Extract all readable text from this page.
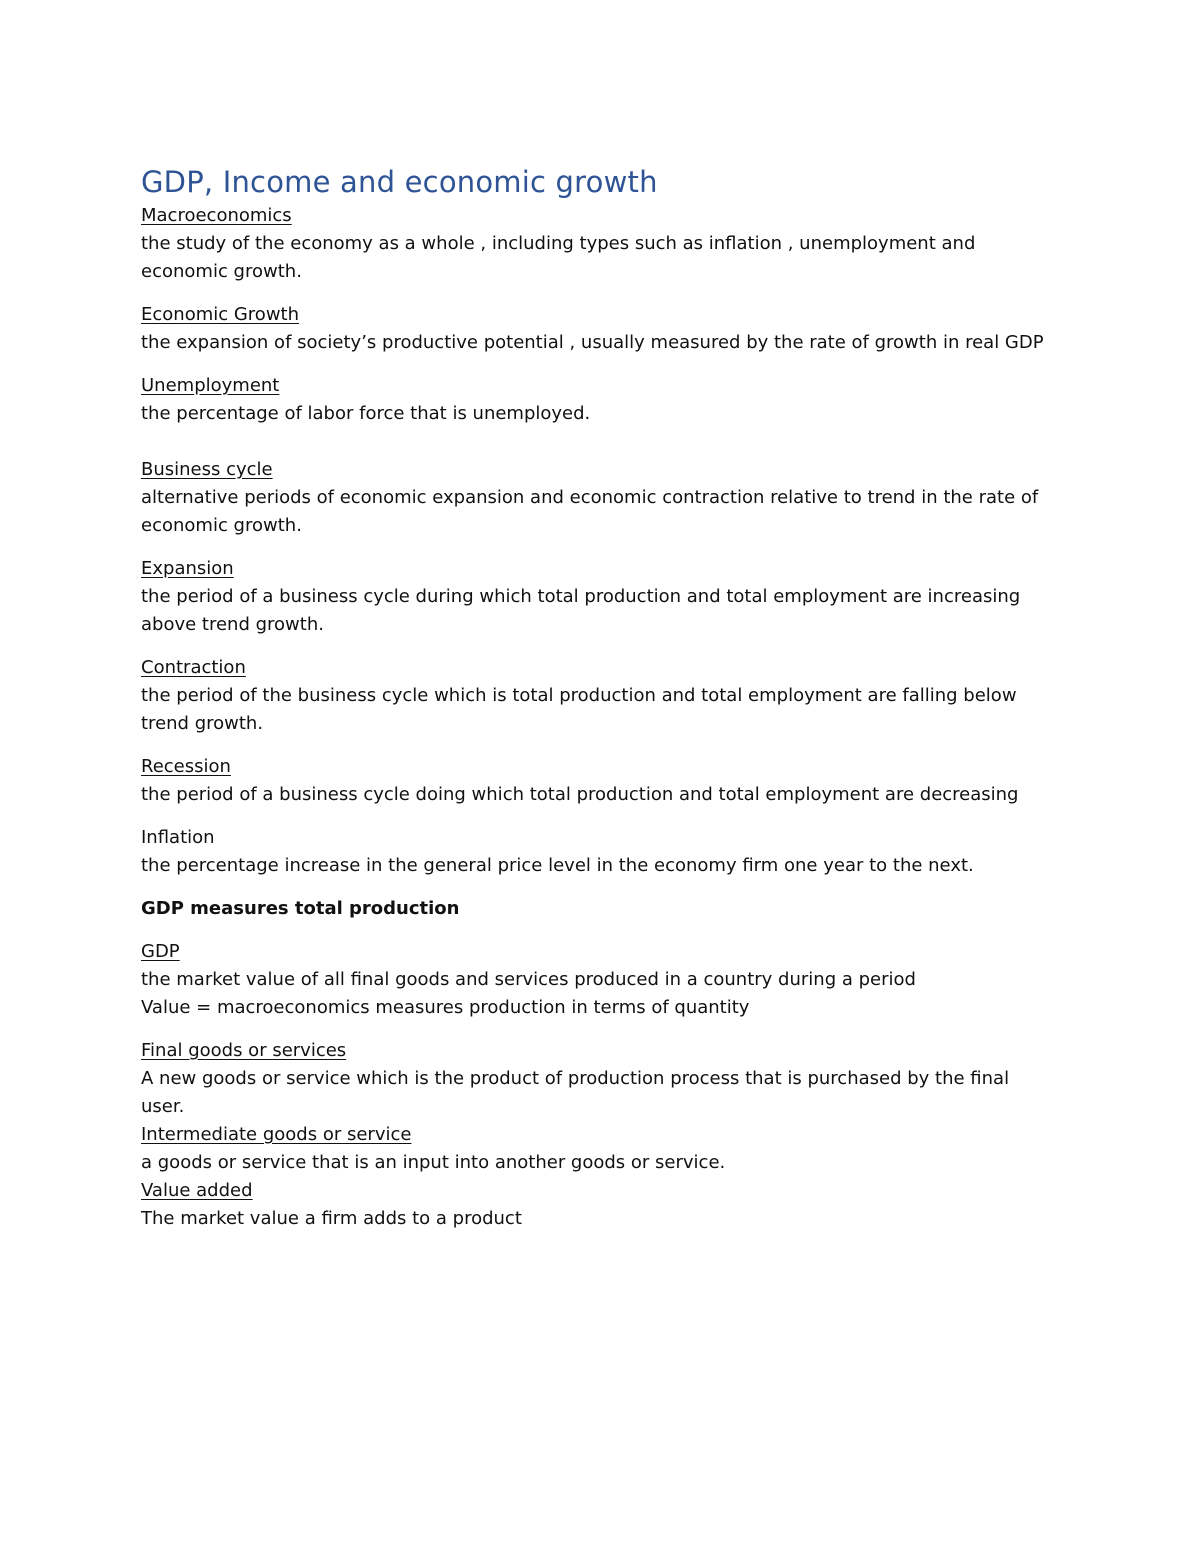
GDP, Income and economic growth
Macroeconomics
the study of the economy as a whole , including types such as inflation , unemployment and economic growth.
Economic Growth
the expansion of society’s productive potential , usually measured by the rate of growth in real GDP
Unemployment
the percentage of labor force that is unemployed.
Business cycle
alternative periods of economic expansion and economic contraction relative to trend in the rate of economic growth.
Expansion
the period of a business cycle during which total production and total employment are increasing above trend growth.
Contraction
the period of the business cycle which is total production and total employment are falling below trend growth.
Recession
the period of a business cycle doing which total production and total employment are decreasing
Inflation
the percentage increase in the general price level in the economy firm one year to the next.
GDP measures total production
GDP
the market value of all final goods and services produced in a country during a period
Value = macroeconomics measures production in terms of quantity
Final goods or services
A new goods or service which is the product of production process that is purchased by the final user.
Intermediate goods or service
a goods or service that is an input into another goods or service.
Value added
The market value a firm adds to a product
